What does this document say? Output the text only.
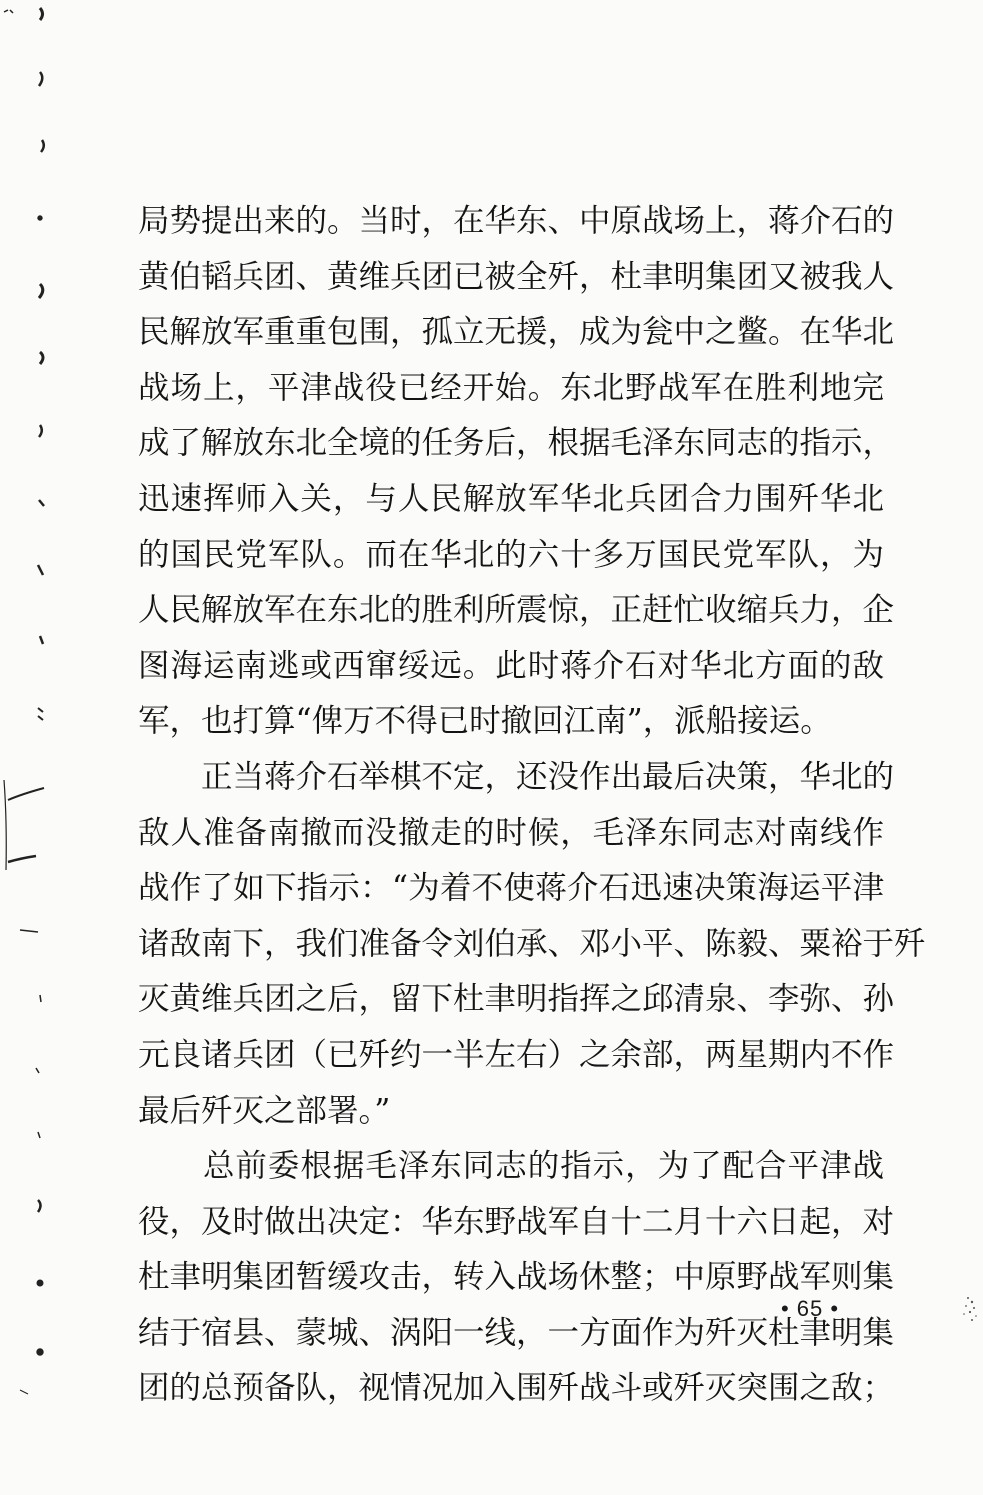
局势提出来的。当时，在华东、中原战场上，蒋介石的
黄伯韬兵团、黄维兵团已被全歼，杜聿明集团又被我人
民解放军重重包围，孤立无援，成为瓮中之鳖。在华北
战场上，平津战役已经开始。东北野战军在胜利地完
成了解放东北全境的任务后，根据毛泽东同志的指示，
迅速挥师入关，与人民解放军华北兵团合力围歼华北
的国民党军队。而在华北的六十多万国民党军队，为
人民解放军在东北的胜利所震惊，正赶忙收缩兵力，企
图海运南逃或西窜绥远。此时蒋介石对华北方面的敌
军，也打算“俾万不得已时撤回江南”，派船接运。
　　正当蒋介石举棋不定，还没作出最后决策，华北的
敌人准备南撤而没撤走的时候，毛泽东同志对南线作
战作了如下指示：“为着不使蒋介石迅速决策海运平津
诸敌南下，我们准备令刘伯承、邓小平、陈毅、粟裕于歼
灭黄维兵团之后，留下杜聿明指挥之邱清泉、李弥、孙
元良诸兵团（已歼约一半左右）之余部，两星期内不作
最后歼灭之部署。”
　　总前委根据毛泽东同志的指示，为了配合平津战
役，及时做出决定：华东野战军自十二月十六日起，对
杜聿明集团暂缓攻击，转入战场休整；中原野战军则集
结于宿县、蒙城、涡阳一线，一方面作为歼灭杜聿明集
团的总预备队，视情况加入围歼战斗或歼灭突围之敌；
• 65 •
